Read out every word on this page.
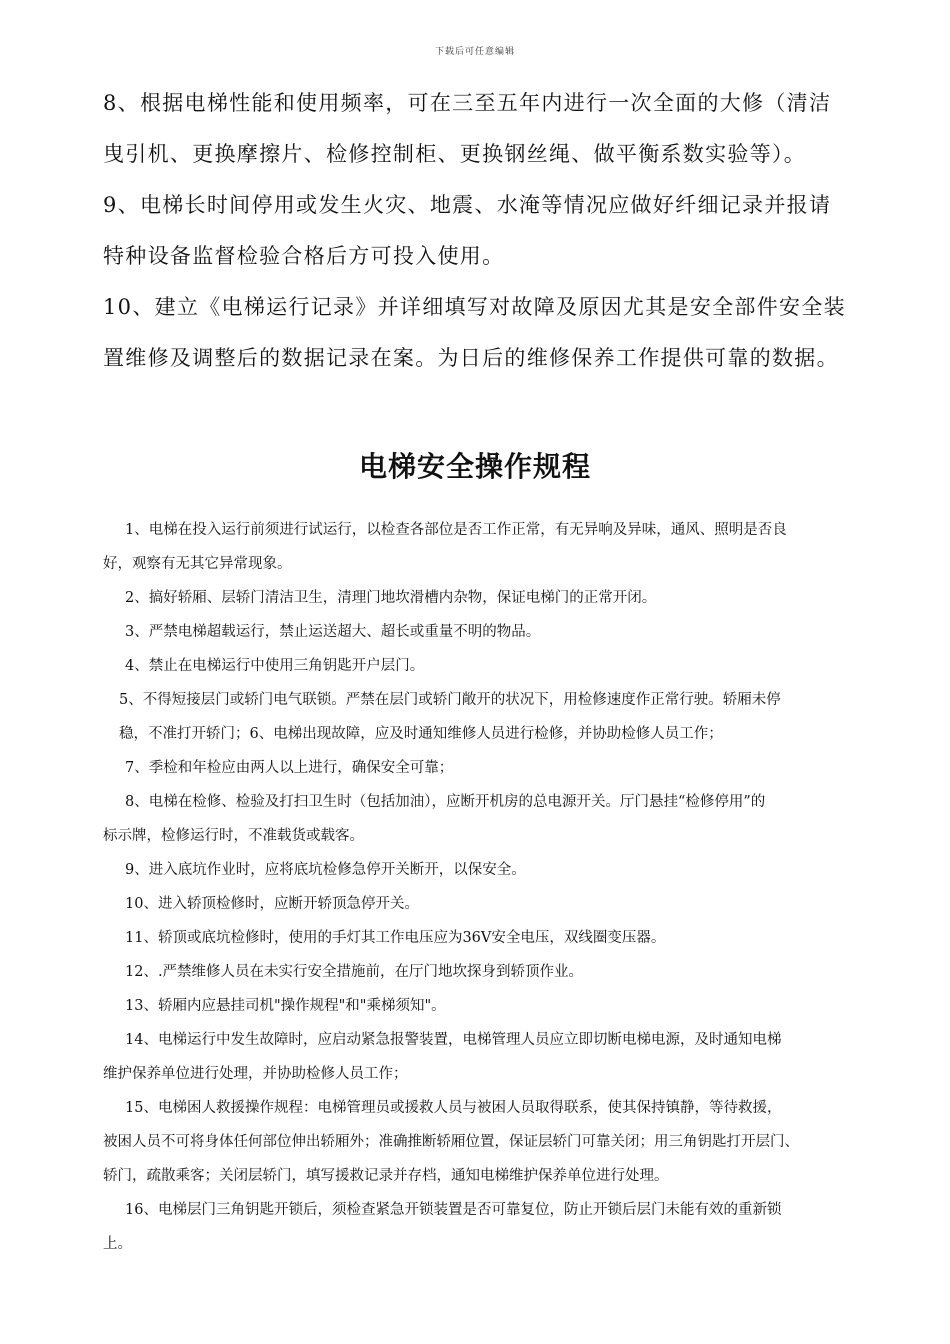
下载后可任意编辑

8、根据电梯性能和使用频率，可在三至五年内进行一次全面的大修（清洁

曳引机、更换摩擦片、检修控制柜、更换钢丝绳、做平衡系数实验等）。

9、电梯长时间停用或发生火灾、地震、水淹等情况应做好纤细记录并报请

特种设备监督检验合格后方可投入使用。

10、建立《电梯运行记录》并详细填写对故障及原因尤其是安全部件安全装

置维修及调整后的数据记录在案。为日后的维修保养工作提供可靠的数据。

电梯安全操作规程
1、电梯在投入运行前须进行试运行，以检查各部位是否工作正常，有无异响及异味，通风、照明是否良
好，观察有无其它异常现象。
2、搞好轿厢、层轿门清洁卫生，清理门地坎滑槽内杂物，保证电梯门的正常开闭。
3、严禁电梯超载运行，禁止运送超大、超长或重量不明的物品。
4、禁止在电梯运行中使用三角钥匙开户层门。
5、不得短接层门或轿门电气联锁。严禁在层门或轿门敞开的状况下，用检修速度作正常行驶。轿厢未停
稳，不准打开轿门；6、电梯出现故障，应及时通知维修人员进行检修，并协助检修人员工作；
7、季检和年检应由两人以上进行，确保安全可靠；
8、电梯在检修、检验及打扫卫生时（包括加油），应断开机房的总电源开关。厅门悬挂“检修停用”的
标示牌，检修运行时，不准载货或载客。
9、进入底坑作业时，应将底坑检修急停开关断开，以保安全。
10、进入轿顶检修时，应断开轿顶急停开关。
11、轿顶或底坑检修时，使用的手灯其工作电压应为36V安全电压，双线圈变压器。
12、.严禁维修人员在未实行安全措施前，在厅门地坎探身到轿顶作业。
13、轿厢内应悬挂司机"操作规程"和"乘梯须知"。
14、电梯运行中发生故障时，应启动紧急报警装置，电梯管理人员应立即切断电梯电源，及时通知电梯
维护保养单位进行处理，并协助检修人员工作；
15、电梯困人救援操作规程：电梯管理员或援救人员与被困人员取得联系，使其保持镇静，等待救援，
被困人员不可将身体任何部位伸出轿厢外；准确推断轿厢位置，保证层轿门可靠关闭；用三角钥匙打开层门、
轿门，疏散乘客；关闭层轿门，填写援救记录并存档，通知电梯维护保养单位进行处理。
16、电梯层门三角钥匙开锁后，须检查紧急开锁装置是否可靠复位，防止开锁后层门未能有效的重新锁
上。
